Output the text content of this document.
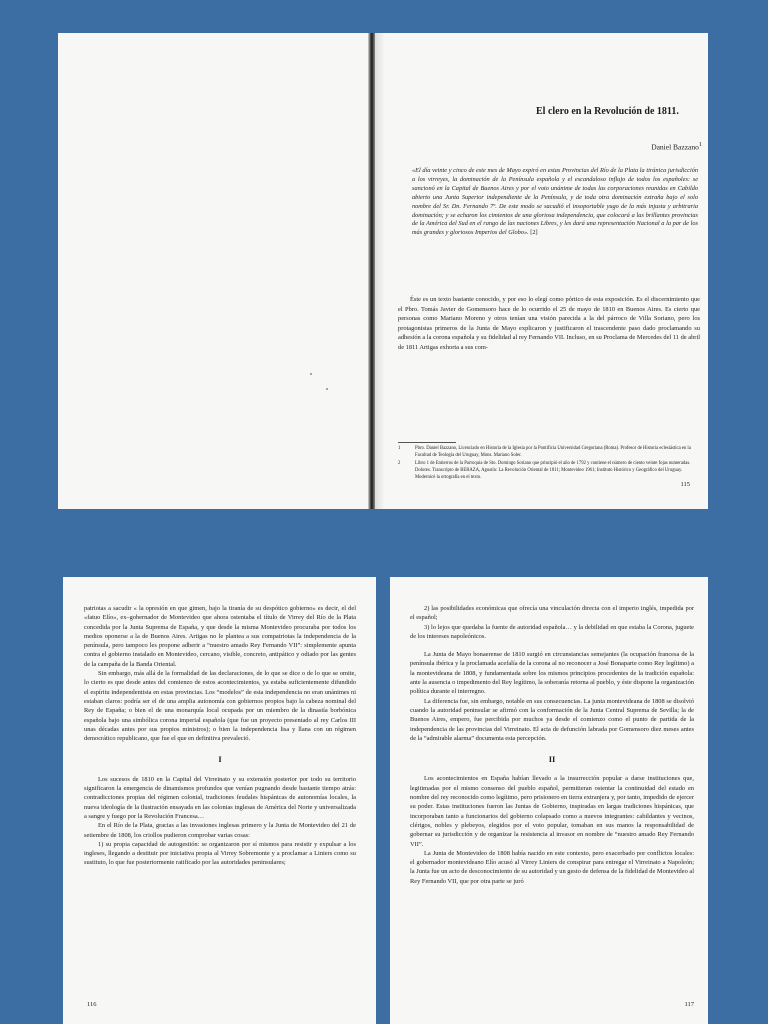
El clero en la Revolución de 1811.
Daniel Bazzano$^1$
«El día veinte y cinco de este mes de Mayo expiró en estas Provincias del Río de la Plata la tiránica jurisdicción a los virreyes, la dominación de la Península española y el escandaloso influjo de todos los españoles: se sancionó en la Capital de Buenos Aires y por el voto unánime de todas las corporaciones reunidas en Cabildo abierto una Junta Superior independiente de la Península, y de toda otra dominación extraña bajo el solo nombre del Sr. Dn. Fernando 7º. De este modo se sacudió el insoportable yugo de la más injusta y arbitraria dominación; y se echaron los cimientos de una gloriosa independencia, que colocará a las brillantes provincias de la América del Sud en el rango de las naciones Libres, y les dará una representación Nacional a la par de los más grandes y gloriosos Imperios del Globo». [2]

Éste es un texto bastante conocido, y por eso lo elegí como pórtico de esta exposición. Es el discernimiento que el Pbro. Tomás Javier de Gomensoro hace de lo ocurrido el 25 de mayo de 1810 en Buenos Aires. Es cierto que personas como Mariano Moreno y otros tenían una visión parecida a la del párroco de Villa Soriano, pero los protagonistas primeros de la Junta de Mayo explicaron y justificaron el trascendente paso dado proclamando su adhesión a la corona española y su fidelidad al rey Fernando VII. Incluso, en su Proclama de Mercedes del 11 de abril de 1811 Artigas exhorta a sus com-

1	Pbro. Daniel Bazzano, Licenciado en Historia de la Iglesia por la Pontificia Universidad Gregoriana (Roma). Profesor de Historia eclesiástica en la Facultad de Teología del Uruguay, Mons. Mariano Soler.
2	Libro 1 de Entierros de la Parroquia de Sto. Domingo Soriano que principió el año de 1792 y contiene el número de ciento veinte fojas numeradas. Dolores. Transcripto de BERAZA, Agustín: La Revolución Oriental de 1811; Montevideo 1961; Instituto Histórico y Geográfico del Uruguay. Modernicé la ortografía en el texto.
115

patriotas a sacudir « la opresión en que gimen, bajo la tiranía de su despótico gobierno» es decir, el del «fatuo Elío», ex–gobernador de Montevideo que ahora ostentaba el título de Virrey del Río de la Plata concedida por la Junta Suprema de España, y que desde la misma Montevideo procuraba por todos los medios oponerse a la de Buenos Aires. Artigas no le plantea a sus compatriotas la independencia de la península, pero tampoco les propone adherir a “nuestro amado Rey Fernando VII”: simplemente apunta contra el gobierno instalado en Montevideo, cercano, visible, concreto, antipático y odiado por las gentes de la campaña de la Banda Oriental.

Sin embargo, más allá de la formalidad de las declaraciones, de lo que se dice o de lo que se omite, lo cierto es que desde antes del comienzo de estos acontecimientos, ya estaba suficientemente difundido el espíritu independentista en estas provincias. Los “modelos” de esta independencia no eran unánimes ni estaban claros: podría ser el de una amplia autonomía con gobiernos propios bajo la cabeza nominal del Rey de España; o bien el de una monarquía local ocupada por un miembro de la dinastía borbónica española bajo una simbólica corona imperial española (que fue un proyecto presentado al rey Carlos III unas décadas antes por sus propios ministros); o bien la independencia lisa y llana con un régimen democrático republicano, que fue el que en definitiva prevaleció.

I

Los sucesos de 1810 en la Capital del Virreinato y su extensión posterior por todo su territorio significaron la emergencia de dinamismos profundos que venían pugnando desde bastante tiempo atrás: contradicciones propias del régimen colonial, tradiciones feudales hispánicas de autonomías locales, la nueva ideología de la ilustración ensayada en las colonias inglesas de América del Norte y universalizada a sangre y fuego por la Revolución Francesa…

En el Río de la Plata, gracias a las invasiones inglesas primero y la Junta de Montevideo del 21 de setiembre de 1808, los criollos pudieron comprobar varias cosas:

1) su propia capacidad de autogestión: se organizaron por sí mismos para resistir y expulsar a los ingleses, llegando a destituir por iniciativa propia al Virrey Sobremonte y a proclamar a Liniers como su sustituto, lo que fue posteriormente ratificado por las autoridades peninsulares;

116

2) las posibilidades económicas que ofrecía una vinculación directa con el imperio inglés, impedida por el español;

3) lo lejos que quedaba la fuente de autoridad española… y la debilidad en que estaba la Corona, juguete de los intereses napoleónicos.

La Junta de Mayo bonaerense de 1810 surgió en circunstancias semejantes (la ocupación francesa de la península ibérica y la proclamada acefalía de la corona al no reconocer a José Bonaparte como Rey legítimo) a la montevideana de 1808, y fundamentada sobre los mismos principios procedentes de la tradición española: ante la ausencia o impedimento del Rey legítimo, la soberanía retorna al pueblo, y éste dispone la organización política durante el interregno.

La diferencia fue, sin embargo, notable en sus consecuencias. La junta montevideana de 1808 se disolvió cuando la autoridad peninsular se afirmó con la conformación de la Junta Central Suprema de Sevilla; la de Buenos Aires, empero, fue percibida por muchos ya desde el comienzo como el punto de partida de la independencia de las provincias del Virreinato. El acta de defunción labrada por Gomensoro diez meses antes de la “admirable alarma” documenta esta percepción.

II

Los acontecimientos en España habían llevado a la insurrección popular a darse instituciones que, legitimadas por el mismo consenso del pueblo español, permitieran ostentar la continuidad del estado en nombre del rey reconocido como legítimo, pero prisionero en tierra extranjera y, por tanto, impedido de ejercer su poder. Estas instituciones fueron las Juntas de Gobierno, inspiradas en largas tradiciones hispánicas, que incorporaban tanto a funcionarios del gobierno colapsado como a nuevos integrantes: cabildantes y vecinos, clérigos, nobles y plebeyos, elegidos por el voto popular, tomaban en sus manos la responsabilidad de gobernar su jurisdicción y de organizar la resistencia al invasor en nombre de “nuestro amado Rey Fernando VII”.

La Junta de Montevideo de 1808 había nacido en este contexto, pero exacerbado por conflictos locales: el gobernador montevideano Elío acusó al Virrey Liniers de conspirar para entregar el Virreinato a Napoleón; la Junta fue un acto de desconocimiento de su autoridad y un gesto de defensa de la fidelidad de Montevideo al Rey Fernando VII, que por otra parte se juró

117
